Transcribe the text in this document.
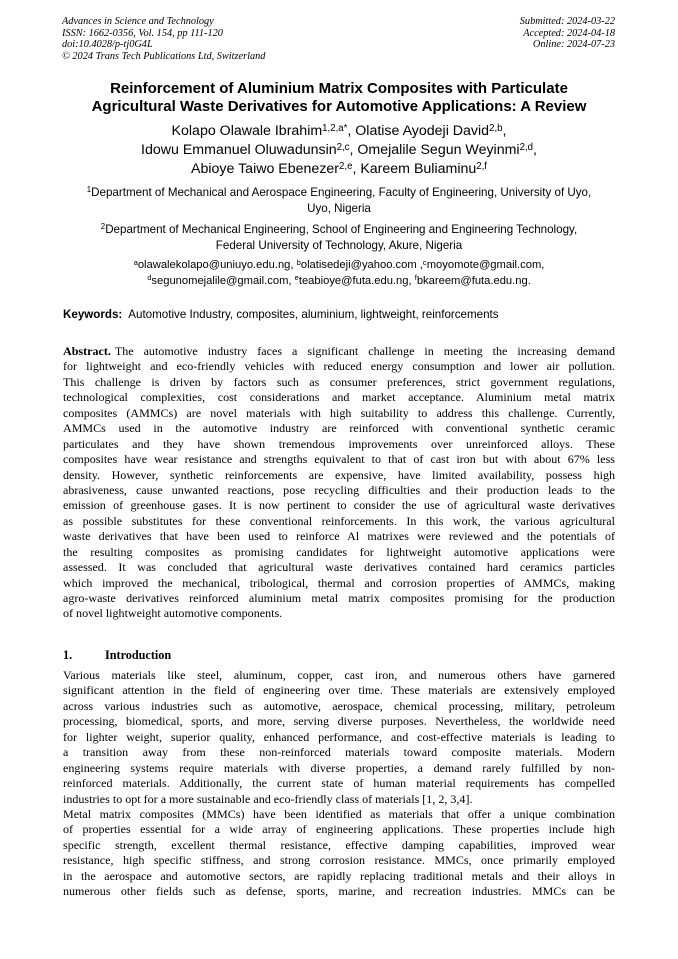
Advances in Science and Technology
ISSN: 1662-0356, Vol. 154, pp 111-120
doi:10.4028/p-tj0G4L
© 2024 Trans Tech Publications Ltd, Switzerland
Submitted: 2024-03-22
Accepted: 2024-04-18
Online: 2024-07-23
Reinforcement of Aluminium Matrix Composites with Particulate
Agricultural Waste Derivatives for Automotive Applications: A Review
Kolapo Olawale Ibrahim$^{1,2,a*}$, Olatise Ayodeji David$^{2,b}$,
Idowu Emmanuel Oluwadunsin$^{2,c}$, Omejalile Segun Weyinmi$^{2,d}$,
Abioye Taiwo Ebenezer$^{2,e}$, Kareem Buliaminu$^{2,f}$
$^1$Department of Mechanical and Aerospace Engineering, Faculty of Engineering, University of Uyo,
Uyo, Nigeria
$^2$Department of Mechanical Engineering, School of Engineering and Engineering Technology,
Federal University of Technology, Akure, Nigeria
$^a$olawalekolapo@uniuyo.edu.ng, $^b$olatisedeji@yahoo.com ,$^c$moyomote@gmail.com,
$^d$segunomejalile@gmail.com, $^e$teabioye@futa.edu.ng, $^f$bkareem@futa.edu.ng.
Keywords: Automotive Industry, composites, aluminium, lightweight, reinforcements
Abstract. The automotive industry faces a significant challenge in meeting the increasing demand
for lightweight and eco-friendly vehicles with reduced energy consumption and lower air pollution.
This challenge is driven by factors such as consumer preferences, strict government regulations,
technological complexities, cost considerations and market acceptance. Aluminium metal matrix
composites (AMMCs) are novel materials with high suitability to address this challenge. Currently,
AMMCs used in the automotive industry are reinforced with conventional synthetic ceramic
particulates and they have shown tremendous improvements over unreinforced alloys. These
composites have wear resistance and strengths equivalent to that of cast iron but with about 67% less
density. However, synthetic reinforcements are expensive, have limited availability, possess high
abrasiveness, cause unwanted reactions, pose recycling difficulties and their production leads to the
emission of greenhouse gases. It is now pertinent to consider the use of agricultural waste derivatives
as possible substitutes for these conventional reinforcements. In this work, the various agricultural
waste derivatives that have been used to reinforce Al matrixes were reviewed and the potentials of
the resulting composites as promising candidates for lightweight automotive applications were
assessed. It was concluded that agricultural waste derivatives contained hard ceramics particles
which improved the mechanical, tribological, thermal and corrosion properties of AMMCs, making
agro-waste derivatives reinforced aluminium metal matrix composites promising for the production
of novel lightweight automotive components.
1.	Introduction
Various materials like steel, aluminum, copper, cast iron, and numerous others have garnered
significant attention in the field of engineering over time. These materials are extensively employed
across various industries such as automotive, aerospace, chemical processing, military, petroleum
processing, biomedical, sports, and more, serving diverse purposes. Nevertheless, the worldwide need
for lighter weight, superior quality, enhanced performance, and cost-effective materials is leading to
a transition away from these non-reinforced materials toward composite materials. Modern
engineering systems require materials with diverse properties, a demand rarely fulfilled by non-
reinforced materials. Additionally, the current state of human material requirements has compelled
industries to opt for a more sustainable and eco-friendly class of materials [1, 2, 3,4].
Metal matrix composites (MMCs) have been identified as materials that offer a unique combination
of properties essential for a wide array of engineering applications. These properties include high
specific strength, excellent thermal resistance, effective damping capabilities, improved wear
resistance, high specific stiffness, and strong corrosion resistance. MMCs, once primarily employed
in the aerospace and automotive sectors, are rapidly replacing traditional metals and their alloys in
numerous other fields such as defense, sports, marine, and recreation industries. MMCs can be
